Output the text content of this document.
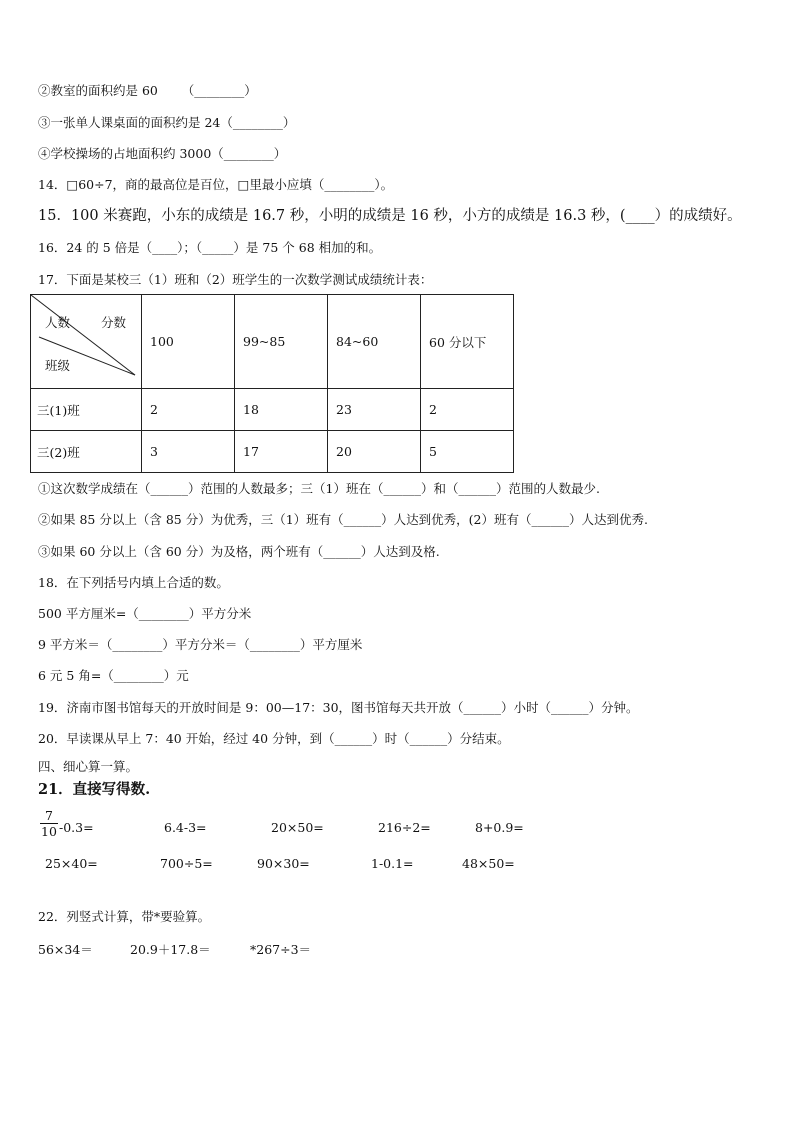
②教室的面积约是 60      （________）
③一张单人课桌面的面积约是 24（________）
④学校操场的占地面积约 3000（________）
14．□60÷7，商的最高位是百位，□里最小应填（________）。
15．100 米赛跑，小东的成绩是 16.7 秒，小明的成绩是 16 秒，小方的成绩是 16.3 秒，(____）的成绩好。
16．24 的 5 倍是（____）；（_____）是 75 个 68 相加的和。
17．下面是某校三（1）班和（2）班学生的一次数学测试成绩统计表：
人数 分数
班级	100	99~85	84~60	60 分以下
三(1)班	2	18	23	2
三(2)班	3	17	20	5
①这次数学成绩在（______）范围的人数最多；三（1）班在（______）和（______）范围的人数最少.
②如果 85 分以上（含 85 分）为优秀，三（1）班有（______）人达到优秀，(2）班有（______）人达到优秀.
③如果 60 分以上（含 60 分）为及格，两个班有（______）人达到及格.
18．在下列括号内填上合适的数。
500 平方厘米=（________）平方分米
9 平方米＝（________）平方分米＝（________）平方厘米
6 元 5 角=（________）元
19．济南市图书馆每天的开放时间是 9：00—17：30，图书馆每天共开放（______）小时（______）分钟。
20．早读课从早上 7：40 开始，经过 40 分钟，到（______）时（______）分结束。
四、细心算一算。
21．直接写得数.
$\frac{7}{10} -0.3=$	6.4-3=	20×50=	216÷2=	8+0.9=
25×40=	700÷5=	90×30=	1-0.1=	48×50=
22．列竖式计算，带*要验算。
56×34＝	20.9＋17.8＝	*267÷3＝
